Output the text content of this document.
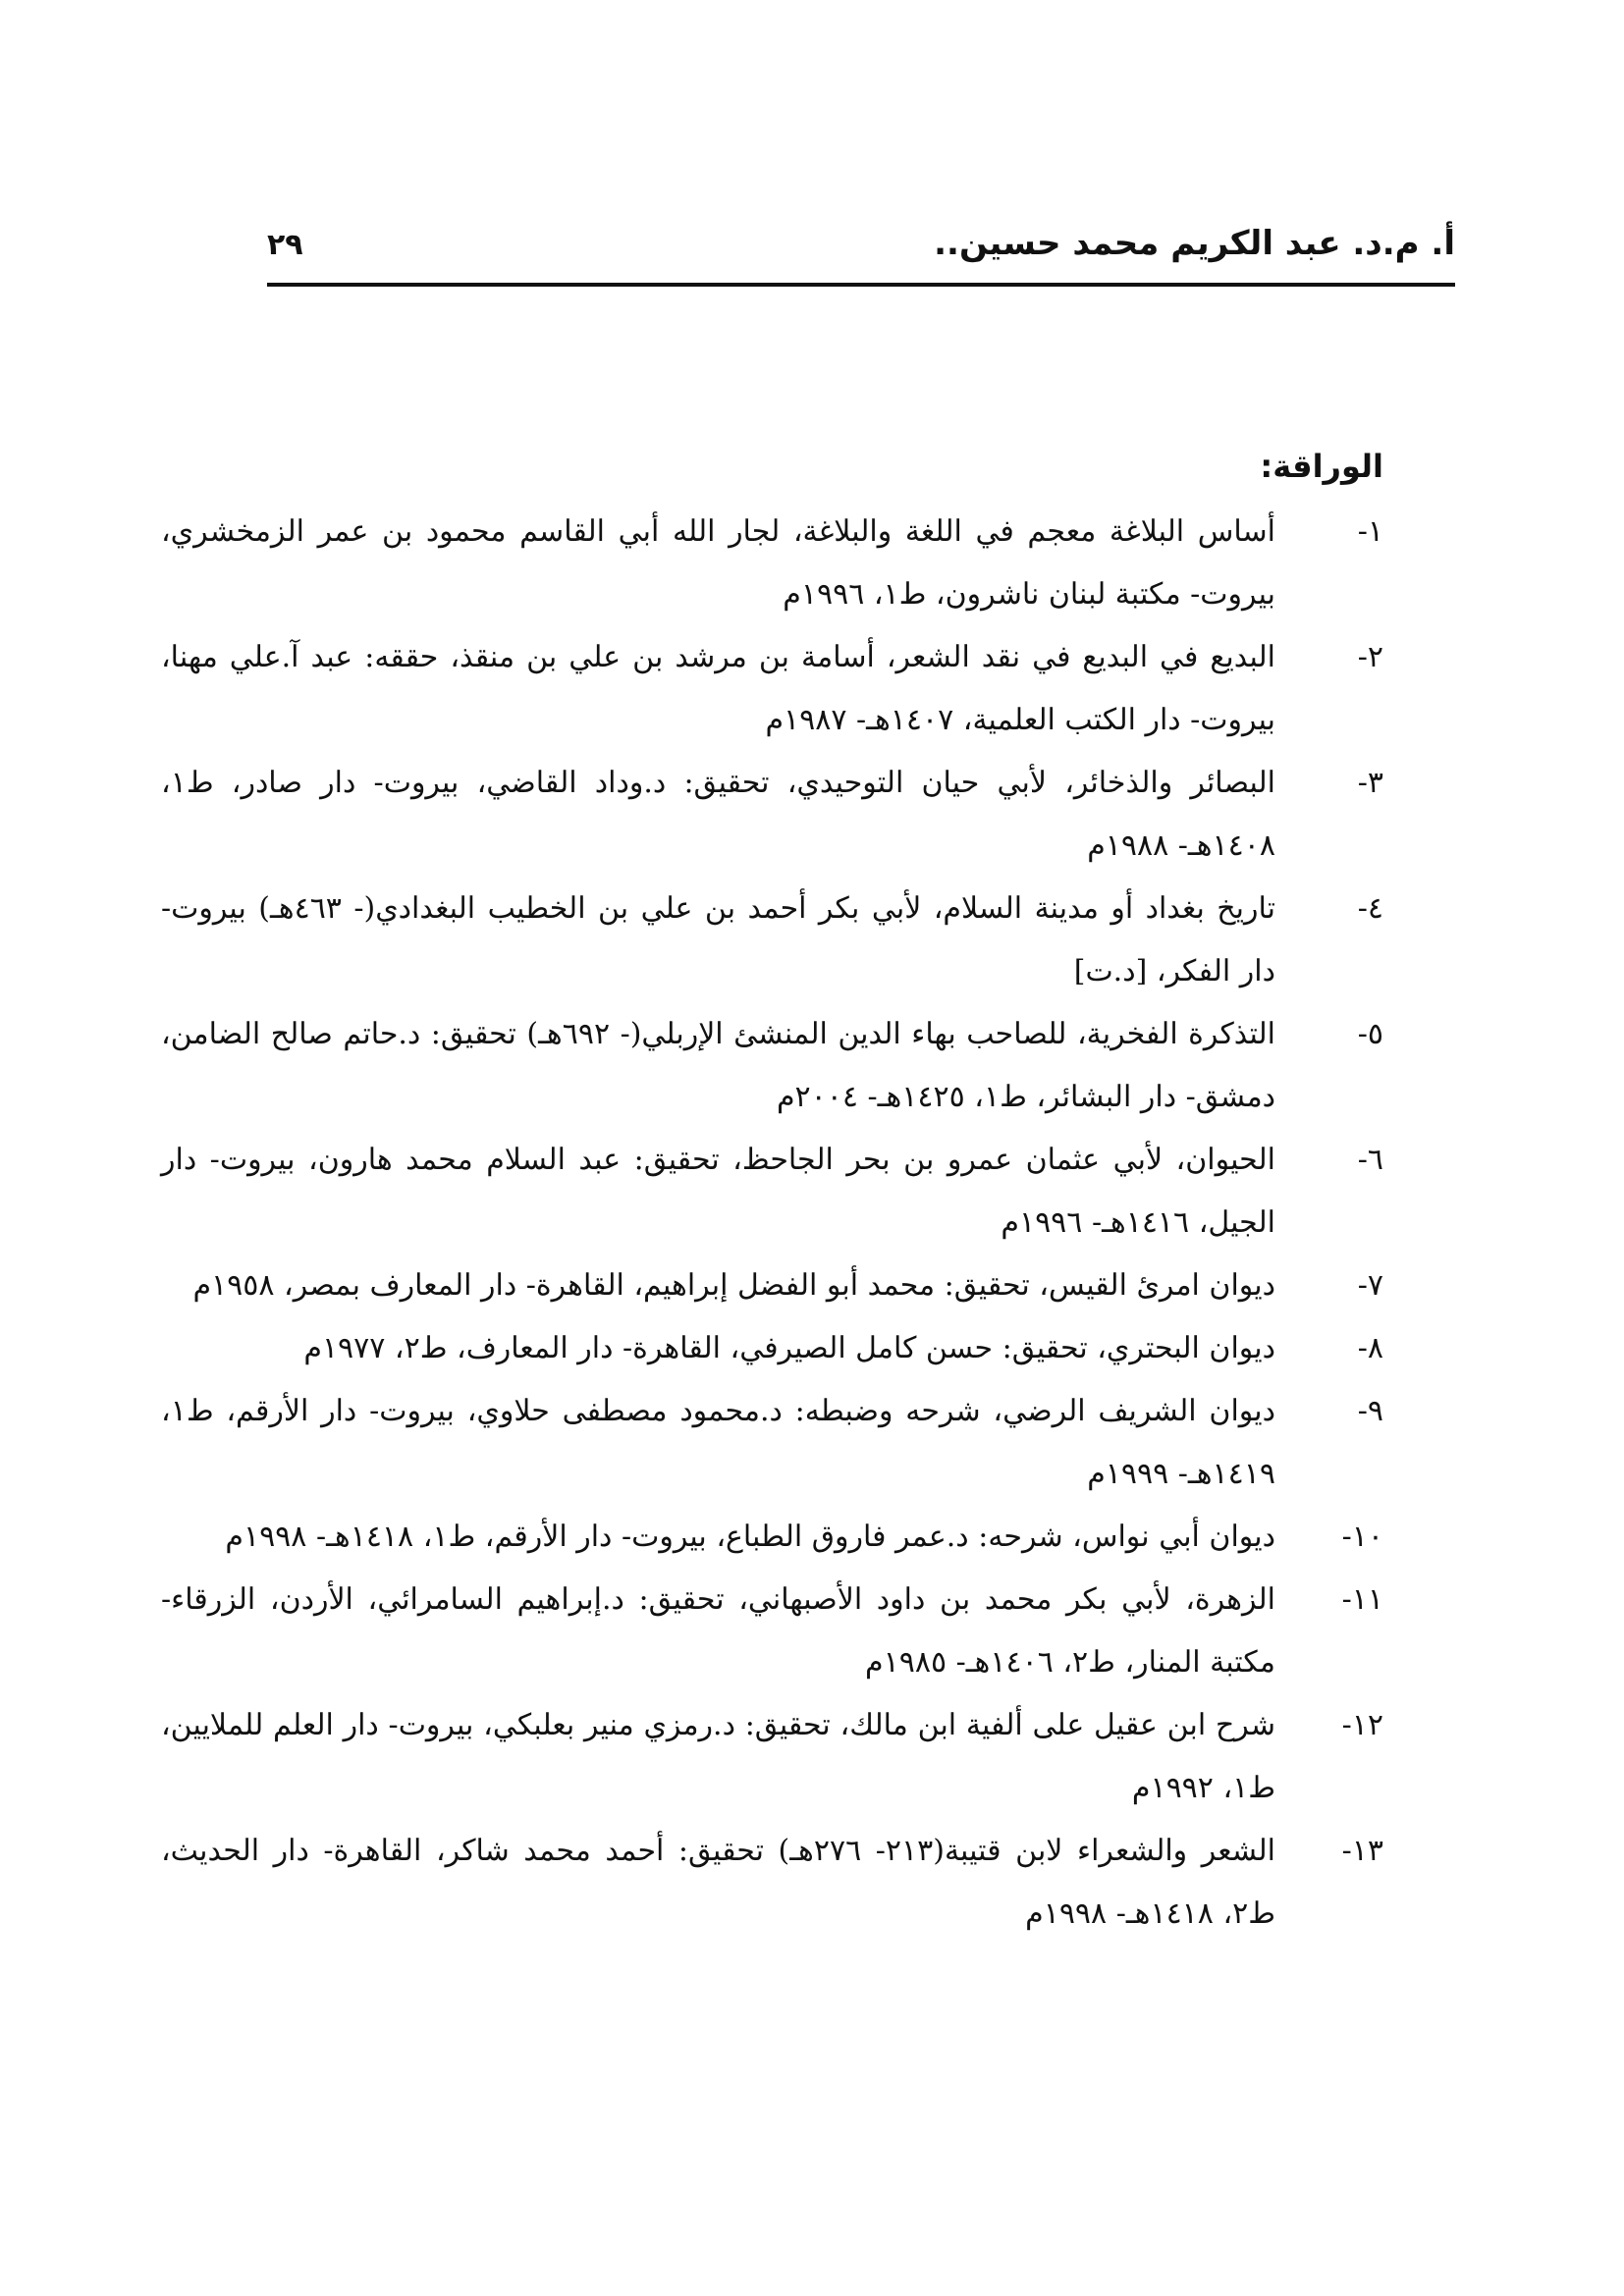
أ. م.د. عبد الكريم محمد حسين..
٢٩
الوراقة:
١-
أساس البلاغة معجم في اللغة والبلاغة، لجار الله أبي القاسم محمود بن عمر الزمخشري، بيروت- مكتبة لبنان ناشرون، ط١، ١٩٩٦م
٢-
البديع في البديع في نقد الشعر، أسامة بن مرشد بن علي بن منقذ، حققه: عبد آ.علي مهنا، بيروت- دار الكتب العلمية، ١٤٠٧هـ- ١٩٨٧م
٣-
البصائر والذخائر، لأبي حيان التوحيدي، تحقيق: د.وداد القاضي، بيروت- دار صادر، ط١، ١٤٠٨هـ- ١٩٨٨م
٤-
تاريخ بغداد أو مدينة السلام، لأبي بكر أحمد بن علي بن الخطيب البغدادي(- ٤٦٣هـ) بيروت- دار الفكر، [د.ت]
٥-
التذكرة الفخرية، للصاحب بهاء الدين المنشئ الإربلي(- ٦٩٢هـ) تحقيق: د.حاتم صالح الضامن، دمشق- دار البشائر، ط١، ١٤٢٥هـ- ٢٠٠٤م
٦-
الحيوان، لأبي عثمان عمرو بن بحر الجاحظ، تحقيق: عبد السلام محمد هارون، بيروت- دار الجيل، ١٤١٦هـ- ١٩٩٦م
٧-
ديوان امرئ القيس، تحقيق: محمد أبو الفضل إبراهيم، القاهرة- دار المعارف بمصر، ١٩٥٨م
٨-
ديوان البحتري، تحقيق: حسن كامل الصيرفي، القاهرة- دار المعارف، ط٢، ١٩٧٧م
٩-
ديوان الشريف الرضي، شرحه وضبطه: د.محمود مصطفى حلاوي، بيروت- دار الأرقم، ط١، ١٤١٩هـ- ١٩٩٩م
١٠-
ديوان أبي نواس، شرحه: د.عمر فاروق الطباع، بيروت- دار الأرقم، ط١، ١٤١٨هـ- ١٩٩٨م
١١-
الزهرة، لأبي بكر محمد بن داود الأصبهاني، تحقيق: د.إبراهيم السامرائي، الأردن، الزرقاء- مكتبة المنار، ط٢، ١٤٠٦هـ- ١٩٨٥م
١٢-
شرح ابن عقيل على ألفية ابن مالك، تحقيق: د.رمزي منير بعلبكي، بيروت- دار العلم للملايين، ط١، ١٩٩٢م
١٣-
الشعر والشعراء لابن قتيبة(٢١٣- ٢٧٦هـ) تحقيق: أحمد محمد شاكر، القاهرة- دار الحديث، ط٢، ١٤١٨هـ- ١٩٩٨م
